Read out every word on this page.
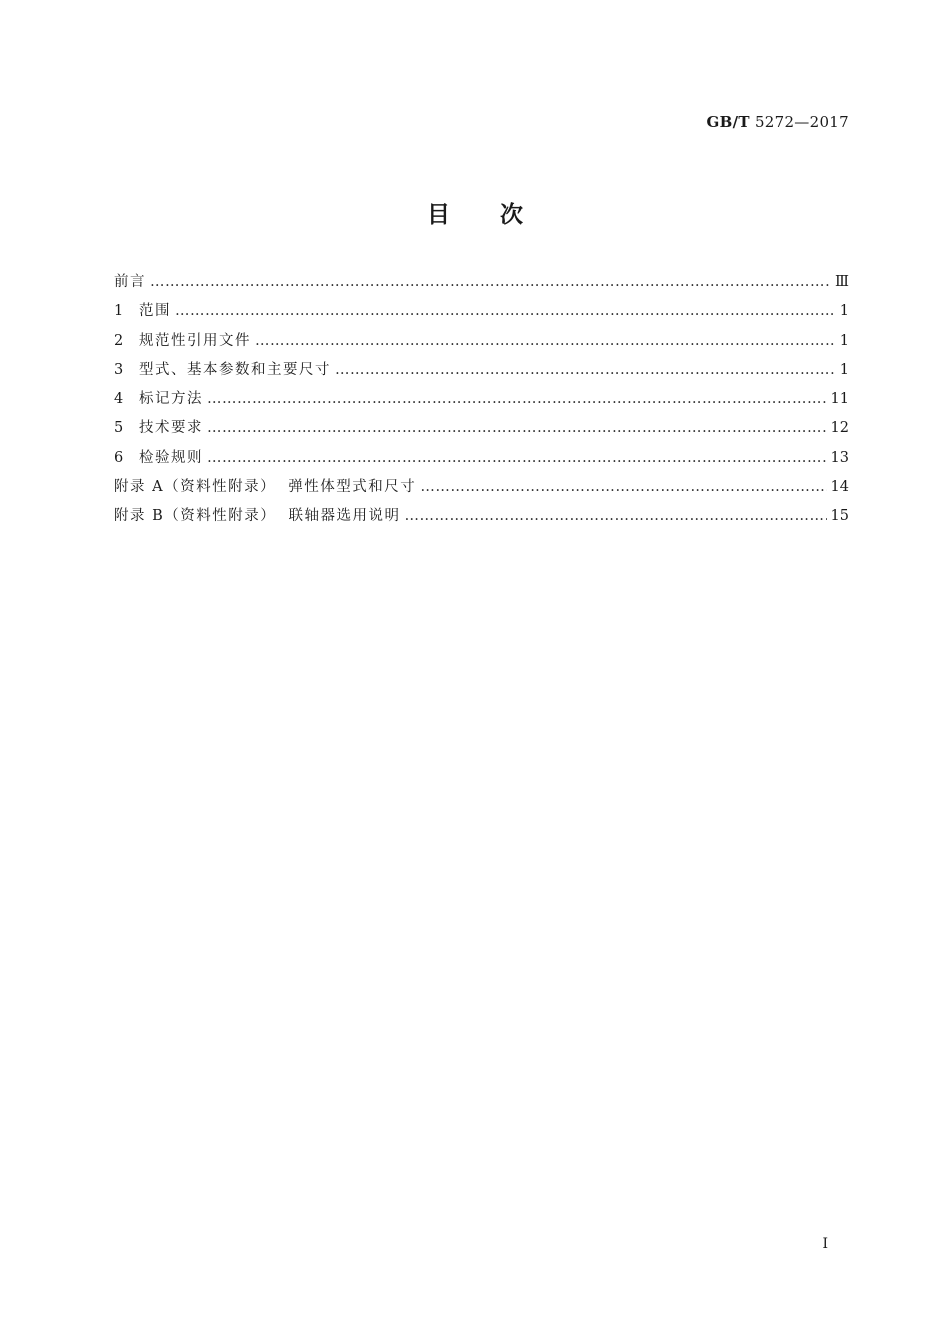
GB/T 5272—2017
目次
前言 …………………………………………………………………………………………………………………………………………………………………………………………………………	Ⅲ
1	范围 …………………………………………………………………………………………………………………………………………………………………………………………………………	1
2	规范性引用文件 …………………………………………………………………………………………………………………………………………………………………………………………………………	1
3	型式、基本参数和主要尺寸 …………………………………………………………………………………………………………………………………………………………………………………………………………	1
4	标记方法 …………………………………………………………………………………………………………………………………………………………………………………………………………	11
5	技术要求 …………………………………………………………………………………………………………………………………………………………………………………………………………	12
6	检验规则 …………………………………………………………………………………………………………………………………………………………………………………………………………	13
附录 A（资料性附录）  弹性体型式和尺寸 …………………………………………………………………………………………………………………………………………………………………………………………………………	14
附录 B（资料性附录）  联轴器选用说明 …………………………………………………………………………………………………………………………………………………………………………………………………………	15
Ⅰ
